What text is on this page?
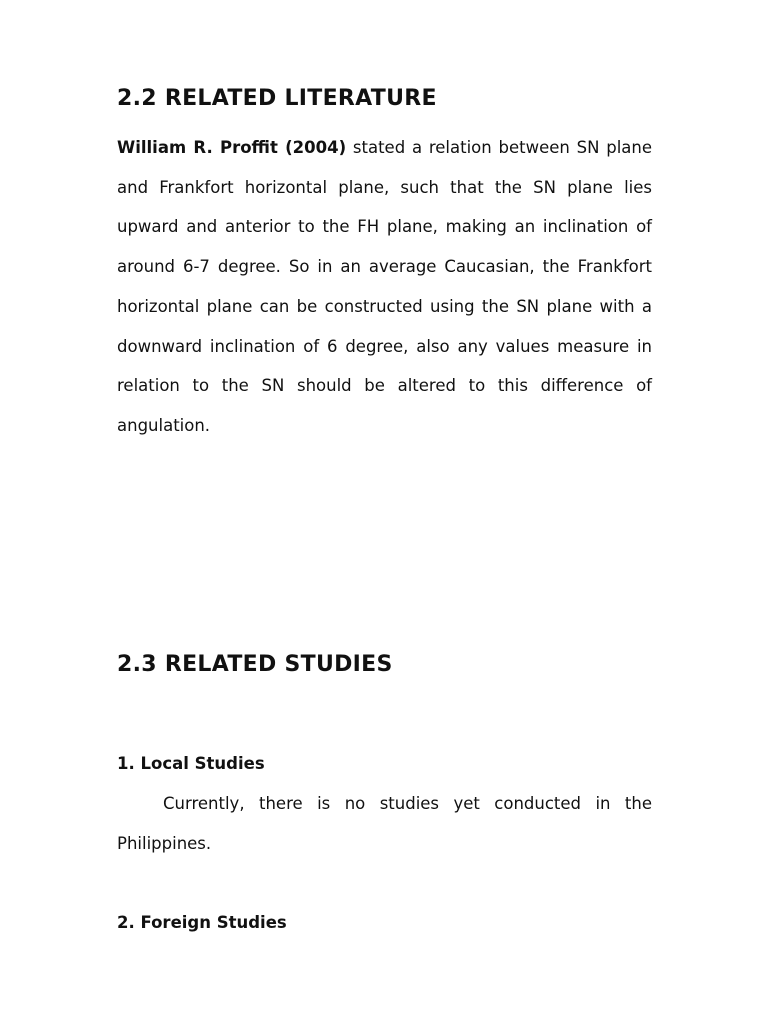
2.2 RELATED LITERATURE

William R. Proffit (2004) stated a relation between SN plane and Frankfort horizontal plane, such that the SN plane lies upward and anterior to the FH plane, making an inclination of around 6-7 degree. So in an average Caucasian, the Frankfort horizontal plane can be constructed using the SN plane with a downward inclination of 6 degree, also any values measure in relation to the SN should be altered to this difference of angulation.

2.3 RELATED STUDIES

1. Local Studies

Currently, there is no studies yet conducted in the Philippines.

2. Foreign Studies
